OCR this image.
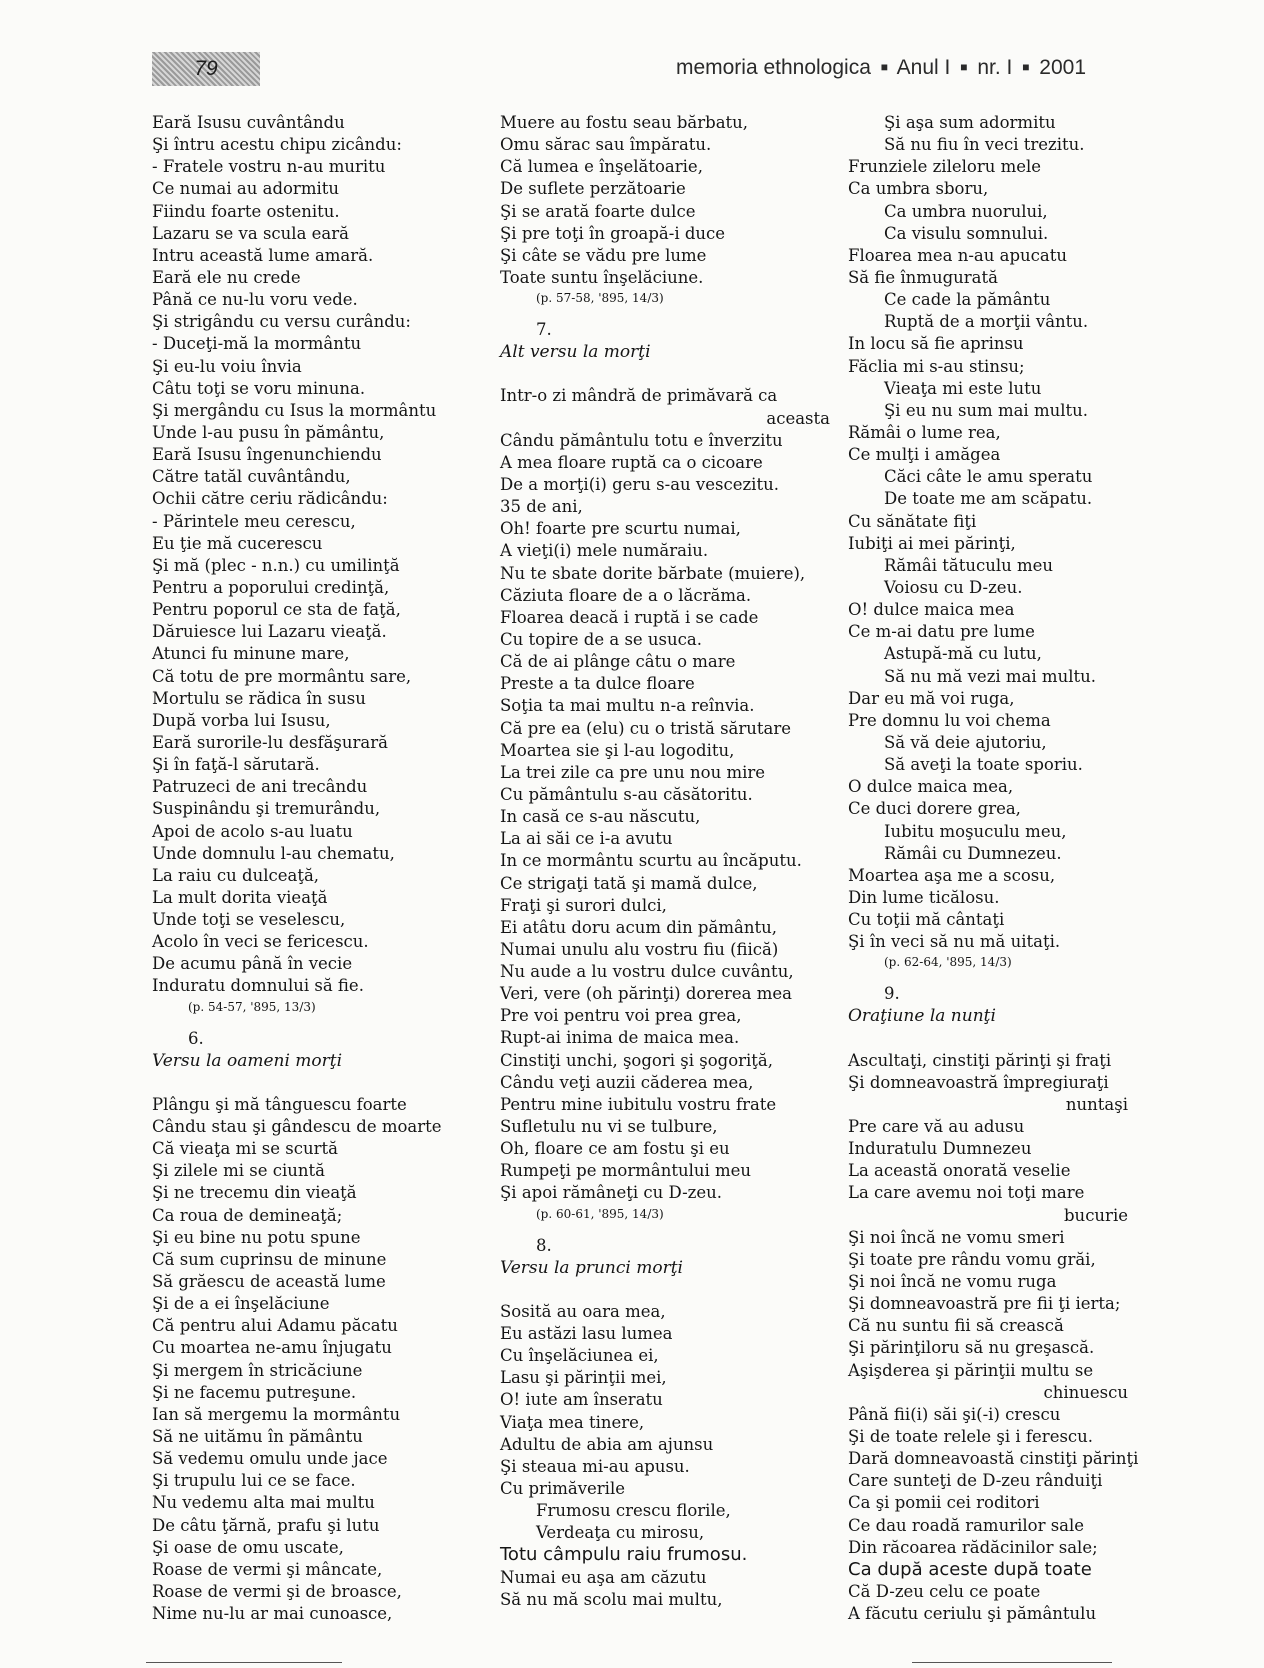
79	memoria ethnologica ■ Anul I ■ nr. I ■ 2001
Eară Isusu cuvântându
Şi întru acestu chipu zicându:
- Fratele vostru n-au muritu
Ce numai au adormitu
Fiindu foarte ostenitu.
Lazaru se va scula eară
Intru această lume amară.
Eară ele nu crede
Până ce nu-lu voru vede.
Şi strigându cu versu curându:
- Duceţi-mă la mormântu
Şi eu-lu voiu învia
Câtu toţi se voru minuna.
Şi mergându cu Isus la mormântu
Unde l-au pusu în pământu,
Eară Isusu îngenunchiendu
Către tatăl cuvântându,
Ochii către ceriu rădicându:
- Părintele meu cerescu,
Eu ţie mă cucerescu
Şi mă (plec - n.n.) cu umilinţă
Pentru a poporului credinţă,
Pentru poporul ce sta de faţă,
Dăruiesce lui Lazaru vieaţă.
Atunci fu minune mare,
Că totu de pre mormântu sare,
Mortulu se rădica în susu
După vorba lui Isusu,
Eară surorile-lu desfăşurară
Şi în faţă-l sărutară.
Patruzeci de ani trecându
Suspinându şi tremurându,
Apoi de acolo s-au luatu
Unde domnulu l-au chematu,
La raiu cu dulceaţă,
La mult dorita vieaţă
Unde toţi se veselescu,
Acolo în veci se fericescu.
De acumu până în vecie
Induratu domnului să fie.
(p. 54-57, '895, 13/3)
6.
Versu la oameni morţi
Plângu şi mă tânguescu foarte
Cându stau şi gândescu de moarte
Că vieaţa mi se scurtă
Şi zilele mi se ciuntă
Şi ne trecemu din vieaţă
Ca roua de demineaţă;
Şi eu bine nu potu spune
Că sum cuprinsu de minune
Să grăescu de această lume
Şi de a ei înşelăciune
Că pentru alui Adamu păcatu
Cu moartea ne-amu înjugatu
Şi mergem în stricăciune
Şi ne facemu putreşune.
Ian să mergemu la mormântu
Să ne uitămu în pământu
Să vedemu omulu unde jace
Şi trupulu lui ce se face.
Nu vedemu alta mai multu
De câtu ţărnă, prafu şi lutu
Şi oase de omu uscate,
Roase de vermi şi mâncate,
Roase de vermi şi de broasce,
Nime nu-lu ar mai cunoasce,
Muere au fostu seau bărbatu,
Omu sărac sau împăratu.
Că lumea e înşelătoarie,
De suflete perzătoarie
Şi se arată foarte dulce
Şi pre toţi în groapă-i duce
Şi câte se vădu pre lume
Toate suntu înşelăciune.
(p. 57-58, '895, 14/3)
7.
Alt versu la morţi
Intr-o zi mândră de primăvară ca
aceasta
Cându pământulu totu e înverzitu
A mea floare ruptă ca o cicoare
De a morţi(i) geru s-au vescezitu.
35 de ani,
Oh! foarte pre scurtu numai,
A vieţi(i) mele număraiu.
Nu te sbate dorite bărbate (muiere),
Căziuta floare de a o lăcrăma.
Floarea deacă i ruptă i se cade
Cu topire de a se usuca.
Că de ai plânge câtu o mare
Preste a ta dulce floare
Soţia ta mai multu n-a reînvia.
Că pre ea (elu) cu o tristă sărutare
Moartea sie şi l-au logoditu,
La trei zile ca pre unu nou mire
Cu pământulu s-au căsătoritu.
In casă ce s-au născutu,
La ai săi ce i-a avutu
In ce mormântu scurtu au încăputu.
Ce strigaţi tată şi mamă dulce,
Fraţi şi surori dulci,
Ei atâtu doru acum din pământu,
Numai unulu alu vostru fiu (fiică)
Nu aude a lu vostru dulce cuvântu,
Veri, vere (oh părinţi) dorerea mea
Pre voi pentru voi prea grea,
Rupt-ai inima de maica mea.
Cinstiţi unchi, şogori şi şogoriţă,
Cându veţi auzii căderea mea,
Pentru mine iubitulu vostru frate
Sufletulu nu vi se tulbure,
Oh, floare ce am fostu şi eu
Rumpeţi pe mormântului meu
Şi apoi rămâneţi cu D-zeu.
(p. 60-61, '895, 14/3)
8.
Versu la prunci morţi
Sosită au oara mea,
Eu astăzi lasu lumea
Cu înşelăciunea ei,
Lasu şi părinţii mei,
O! iute am înseratu
Viaţa mea tinere,
Adultu de abia am ajunsu
Şi steaua mi-au apusu.
Cu primăverile
Frumosu crescu florile,
Verdeaţa cu mirosu,
Totu câmpulu raiu frumosu.
Numai eu aşa am căzutu
Să nu mă scolu mai multu,
Şi aşa sum adormitu
Să nu fiu în veci trezitu.
Frunziele zileloru mele
Ca umbra sboru,
Ca umbra nuorului,
Ca visulu somnului.
Floarea mea n-au apucatu
Să fie înmugurată
Ce cade la pământu
Ruptă de a morţii vântu.
In locu să fie aprinsu
Făclia mi s-au stinsu;
Vieaţa mi este lutu
Şi eu nu sum mai multu.
Rămâi o lume rea,
Ce mulţi i amăgea
Căci câte le amu speratu
De toate me am scăpatu.
Cu sănătate fiţi
Iubiţi ai mei părinţi,
Rămâi tătuculu meu
Voiosu cu D-zeu.
O! dulce maica mea
Ce m-ai datu pre lume
Astupă-mă cu lutu,
Să nu mă vezi mai multu.
Dar eu mă voi ruga,
Pre domnu lu voi chema
Să vă deie ajutoriu,
Să aveţi la toate sporiu.
O dulce maica mea,
Ce duci dorere grea,
Iubitu moşuculu meu,
Rămâi cu Dumnezeu.
Moartea aşa me a scosu,
Din lume ticălosu.
Cu toţii mă cântaţi
Şi în veci să nu mă uitaţi.
(p. 62-64, '895, 14/3)
9.
Oraţiune la nunţi
Ascultaţi, cinstiţi părinţi şi fraţi
Şi domneavoastră împregiuraţi
nuntaşi
Pre care vă au adusu
Induratulu Dumnezeu
La această onorată veselie
La care avemu noi toţi mare
bucurie
Şi noi încă ne vomu smeri
Şi toate pre rându vomu grăi,
Şi noi încă ne vomu ruga
Şi domneavoastră pre fii ţi ierta;
Că nu suntu fii să crească
Şi părinţiloru să nu greşască.
Aşişderea şi părinţii multu se
chinuescu
Până fii(i) săi şi(-i) crescu
Şi de toate relele şi i ferescu.
Dară domneavoastă cinstiţi părinţi
Care sunteţi de D-zeu rânduiţi
Ca şi pomii cei roditori
Ce dau roadă ramurilor sale
Din răcoarea rădăcinilor sale;
Ca după aceste după toate
Că D-zeu celu ce poate
A făcutu ceriulu şi pământulu
